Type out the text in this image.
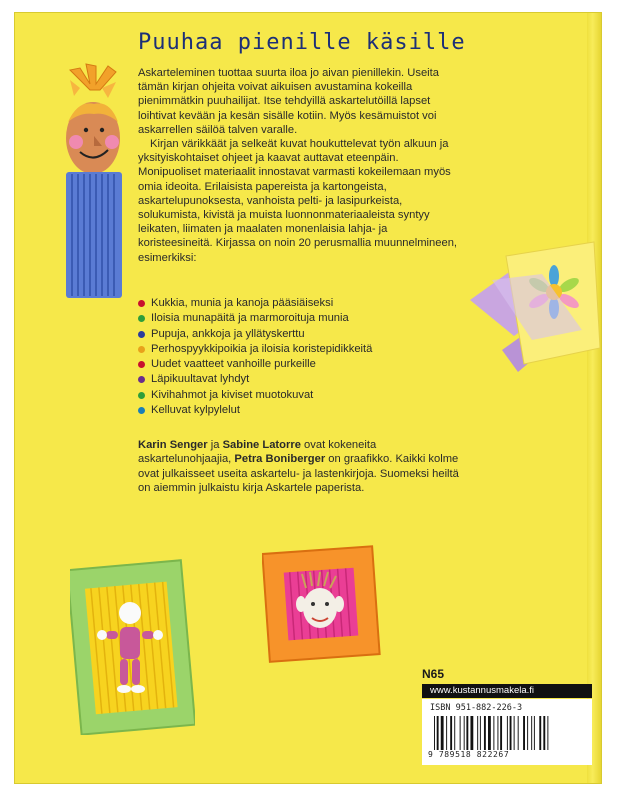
Puuhaa pienille käsille

Askarteleminen tuottaa suurta iloa jo aivan pienillekin. Useita tämän kirjan ohjeita voivat aikuisen avustamina kokeilla pienimmätkin puuhailijat. Itse tehdyillä askartelutöillä lapset loihtivat kevään ja kesän sisälle kotiin. Myös kesämuistot voi askarrellen säilöä talven varalle.

Kirjan värikkäät ja selkeät kuvat houkuttelevat työn alkuun ja yksityiskohtaiset ohjeet ja kaavat auttavat eteenpäin. Monipuoliset materiaalit innostavat varmasti kokeilemaan myös omia ideoita. Erilaisista papereista ja kartongeista, askartelupunoksesta, vanhoista pelti- ja lasipurkeista, solukumista, kivistä ja muista luonnonmateriaaleista syntyy leikaten, liimaten ja maalaten monenlaisia lahja- ja koristeesineitä. Kirjassa on noin 20 perusmallia muunnelmineen, esimerkiksi:

Kukkia, munia ja kanoja pääsiäiseksi
Iloisia munapäitä ja marmoroituja munia
Pupuja, ankkoja ja yllätyskerttu
Perhospyykkipoikia ja iloisia koristepidikkeitä
Uudet vaatteet vanhoille purkeille
Läpikuultavat lyhdyt
Kivihahmot ja kiviset muotokuvat
Kelluvat kylpylelut
Karin Senger ja Sabine Latorre ovat kokeneita askartelunohjaajia, Petra Boniberger on graafikko. Kaikki kolme ovat julkaisseet useita askartelu- ja lastenkirjoja. Suomeksi heiltä on aiemmin julkaistu kirja Askartele paperista.
N65
www.kustannusmakela.fi
ISBN 951-882-226-3
9 789518 822267
